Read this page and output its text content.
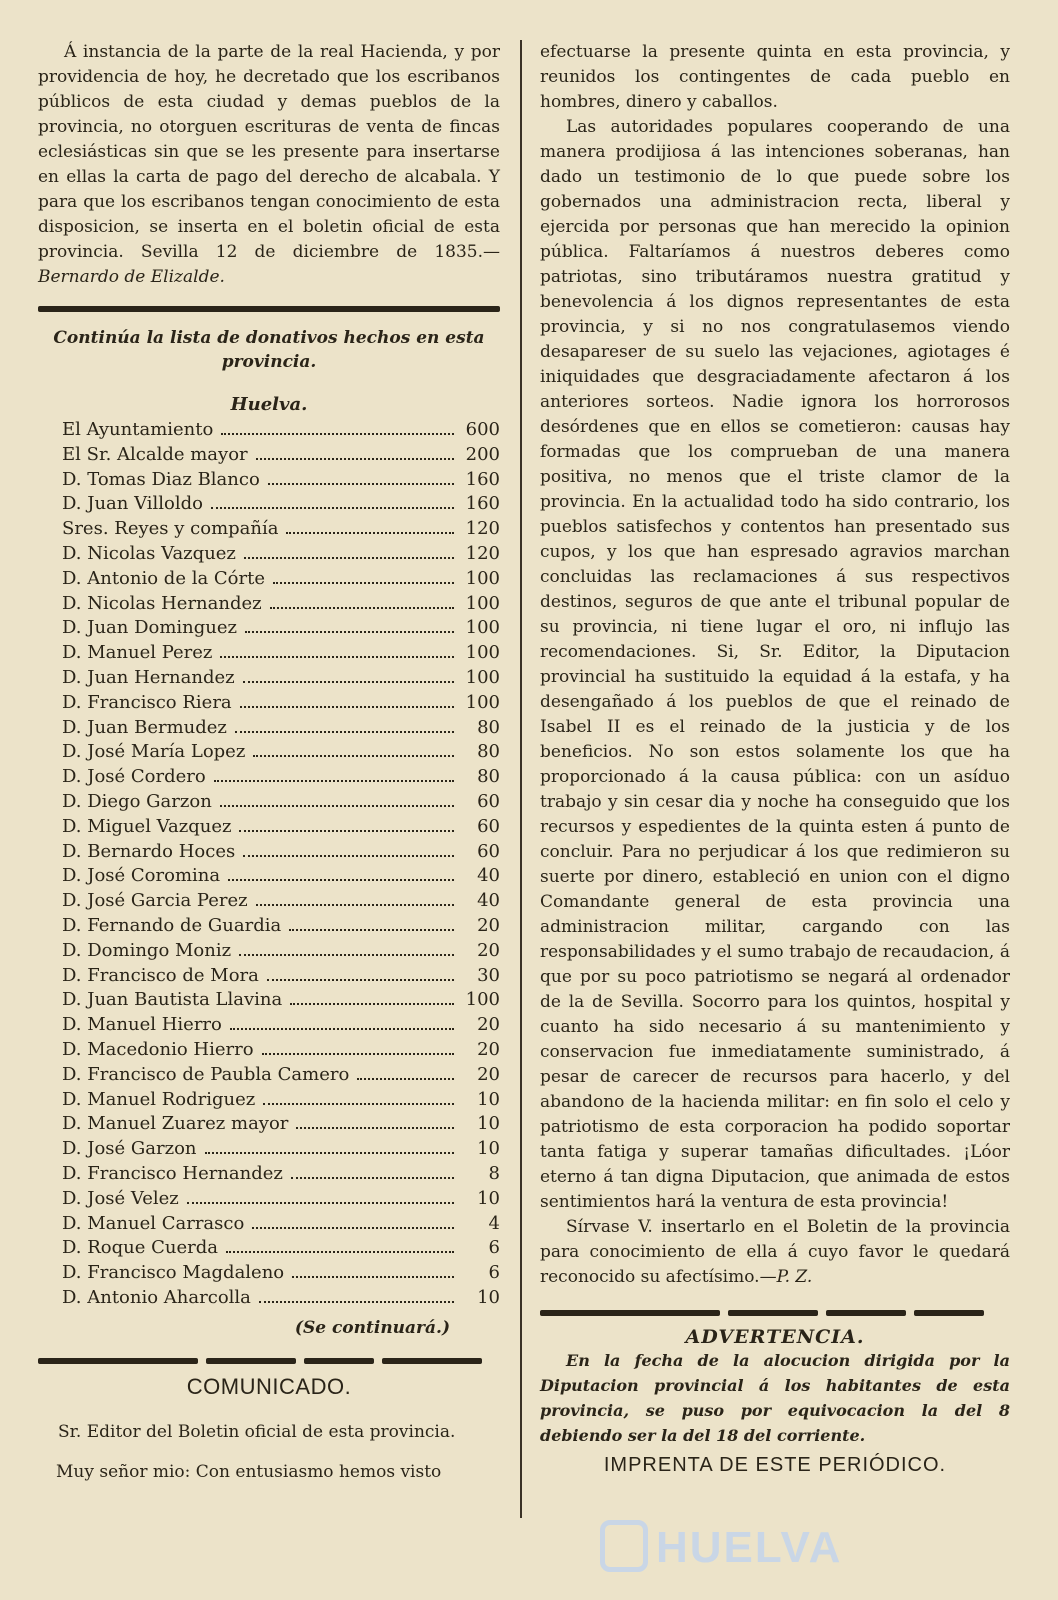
Á instancia de la parte de la real Hacienda, y por providencia de hoy, he decretado que los escribanos públicos de esta ciudad y demas pueblos de la provincia, no otorguen escrituras de venta de fincas eclesiásticas sin que se les presente para insertarse en ellas la carta de pago del derecho de alcabala. Y para que los escribanos tengan conocimiento de esta disposicion, se inserta en el boletin oficial de esta provincia. Sevilla 12 de diciembre de 1835.—Bernardo de Elizalde.

Continúa la lista de donativos hechos en esta provincia.
Huelva.
El Ayuntamiento	600
El Sr. Alcalde mayor	200
D. Tomas Diaz Blanco	160
D. Juan Villoldo	160
Sres. Reyes y compañía	120
D. Nicolas Vazquez	120
D. Antonio de la Córte	100
D. Nicolas Hernandez	100
D. Juan Dominguez	100
D. Manuel Perez	100
D. Juan Hernandez	100
D. Francisco Riera	100
D. Juan Bermudez	80
D. José María Lopez	80
D. José Cordero	80
D. Diego Garzon	60
D. Miguel Vazquez	60
D. Bernardo Hoces	60
D. José Coromina	40
D. José Garcia Perez	40
D. Fernando de Guardia	20
D. Domingo Moniz	20
D. Francisco de Mora	30
D. Juan Bautista Llavina	100
D. Manuel Hierro	20
D. Macedonio Hierro	20
D. Francisco de Paubla Camero	20
D. Manuel Rodriguez	10
D. Manuel Zuarez mayor	10
D. José Garzon	10
D. Francisco Hernandez	8
D. José Velez	10
D. Manuel Carrasco	4
D. Roque Cuerda	6
D. Francisco Magdaleno	6
D. Antonio Aharcolla	10
(Se continuará.)
COMUNICADO.
Sr. Editor del Boletin oficial de esta provincia.
Muy señor mio: Con entusiasmo hemos visto

efectuarse la presente quinta en esta provincia, y reunidos los contingentes de cada pueblo en hombres, dinero y caballos.

Las autoridades populares cooperando de una manera prodijiosa á las intenciones soberanas, han dado un testimonio de lo que puede sobre los gobernados una administracion recta, liberal y ejercida por personas que han merecido la opinion pública. Faltaríamos á nuestros deberes como patriotas, sino tributáramos nuestra gratitud y benevolencia á los dignos representantes de esta provincia, y si no nos congratulasemos viendo desapareser de su suelo las vejaciones, agiotages é iniquidades que desgraciadamente afectaron á los anteriores sorteos. Nadie ignora los horrorosos desórdenes que en ellos se cometieron: causas hay formadas que los comprueban de una manera positiva, no menos que el triste clamor de la provincia. En la actualidad todo ha sido contrario, los pueblos satisfechos y contentos han presentado sus cupos, y los que han espresado agravios marchan concluidas las reclamaciones á sus respectivos destinos, seguros de que ante el tribunal popular de su provincia, ni tiene lugar el oro, ni influjo las recomendaciones. Si, Sr. Editor, la Diputacion provincial ha sustituido la equidad á la estafa, y ha desengañado á los pueblos de que el reinado de Isabel II es el reinado de la justicia y de los beneficios. No son estos solamente los que ha proporcionado á la causa pública: con un asíduo trabajo y sin cesar dia y noche ha conseguido que los recursos y espedientes de la quinta esten á punto de concluir. Para no perjudicar á los que redimieron su suerte por dinero, estableció en union con el digno Comandante general de esta provincia una administracion militar, cargando con las responsabilidades y el sumo trabajo de recaudacion, á que por su poco patriotismo se negará al ordenador de la de Sevilla. Socorro para los quintos, hospital y cuanto ha sido necesario á su mantenimiento y conservacion fue inmediatamente suministrado, á pesar de carecer de recursos para hacerlo, y del abandono de la hacienda militar: en fin solo el celo y patriotismo de esta corporacion ha podido soportar tanta fatiga y superar tamañas dificultades. ¡Lóor eterno á tan digna Diputacion, que animada de estos sentimientos hará la ventura de esta provincia!

Sírvase V. insertarlo en el Boletin de la provincia para conocimiento de ella á cuyo favor le quedará reconocido su afectísimo.—P. Z.

ADVERTENCIA.

En la fecha de la alocucion dirigida por la Diputacion provincial á los habitantes de esta provincia, se puso por equivocacion la del 8 debiendo ser la del 18 del corriente.

IMPRENTA DE ESTE PERIÓDICO.
HUELVA
